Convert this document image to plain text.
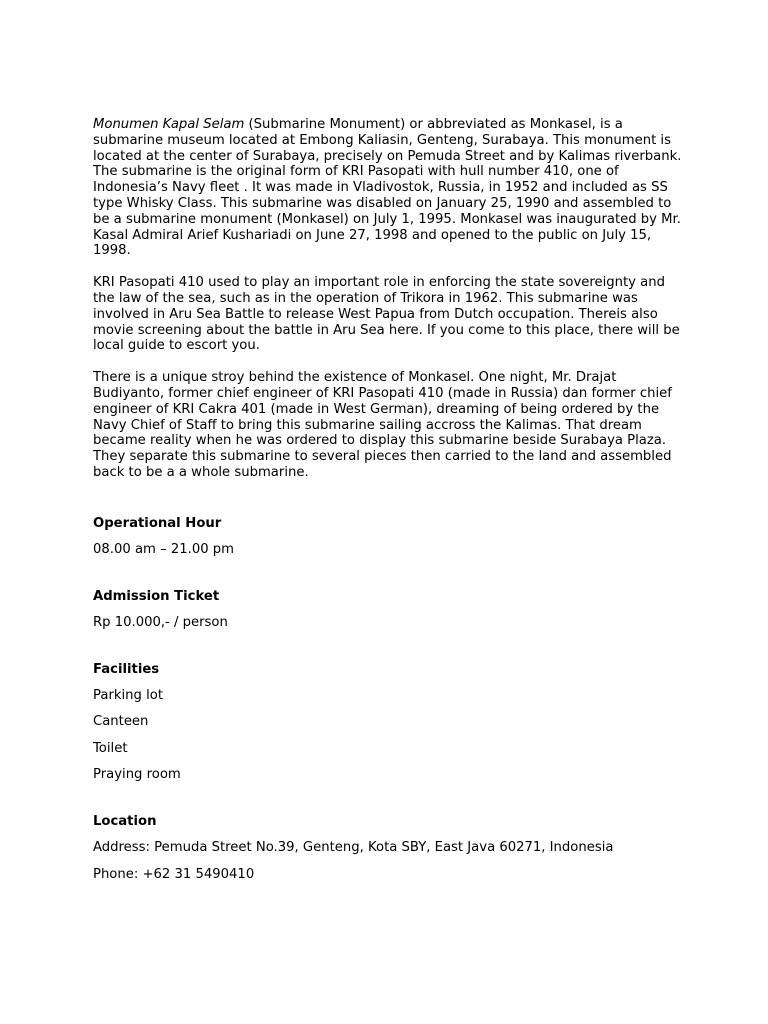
Monumen Kapal Selam (Submarine Monument) or abbreviated as Monkasel, is a submarine museum located at Embong Kaliasin, Genteng, Surabaya. This monument is located at the center of Surabaya, precisely on Pemuda Street and by Kalimas riverbank. The submarine is the original form of KRI Pasopati with hull number 410, one of Indonesia’s Navy fleet . It was made in Vladivostok, Russia, in 1952 and included as SS type Whisky Class. This submarine was disabled on January 25, 1990 and assembled to be a submarine monument (Monkasel) on July 1, 1995. Monkasel was inaugurated by Mr. Kasal Admiral Arief Kushariadi on June 27, 1998 and opened to the public on July 15, 1998.

KRI Pasopati 410 used to play an important role in enforcing the state sovereignty and the law of the sea, such as in the operation of Trikora in 1962. This submarine was involved in Aru Sea Battle to release West Papua from Dutch occupation. Thereis also movie screening about the battle in Aru Sea here. If you come to this place, there will be local guide to escort you.

There is a unique stroy behind the existence of Monkasel. One night, Mr. Drajat Budiyanto, former chief engineer of KRI Pasopati 410 (made in Russia) dan former chief engineer of KRI Cakra 401 (made in West German), dreaming of being ordered by the Navy Chief of Staff to bring this submarine sailing accross the Kalimas. That dream became reality when he was ordered to display this submarine beside Surabaya Plaza. They separate this submarine to several pieces then carried to the land and assembled back to be a a whole submarine.

Operational Hour
08.00 am – 21.00 pm
Admission Ticket
Rp 10.000,- / person
Facilities
Parking lot
Canteen
Toilet
Praying room
Location
Address: Pemuda Street No.39, Genteng, Kota SBY, East Java 60271, Indonesia
Phone: +62 31 5490410
